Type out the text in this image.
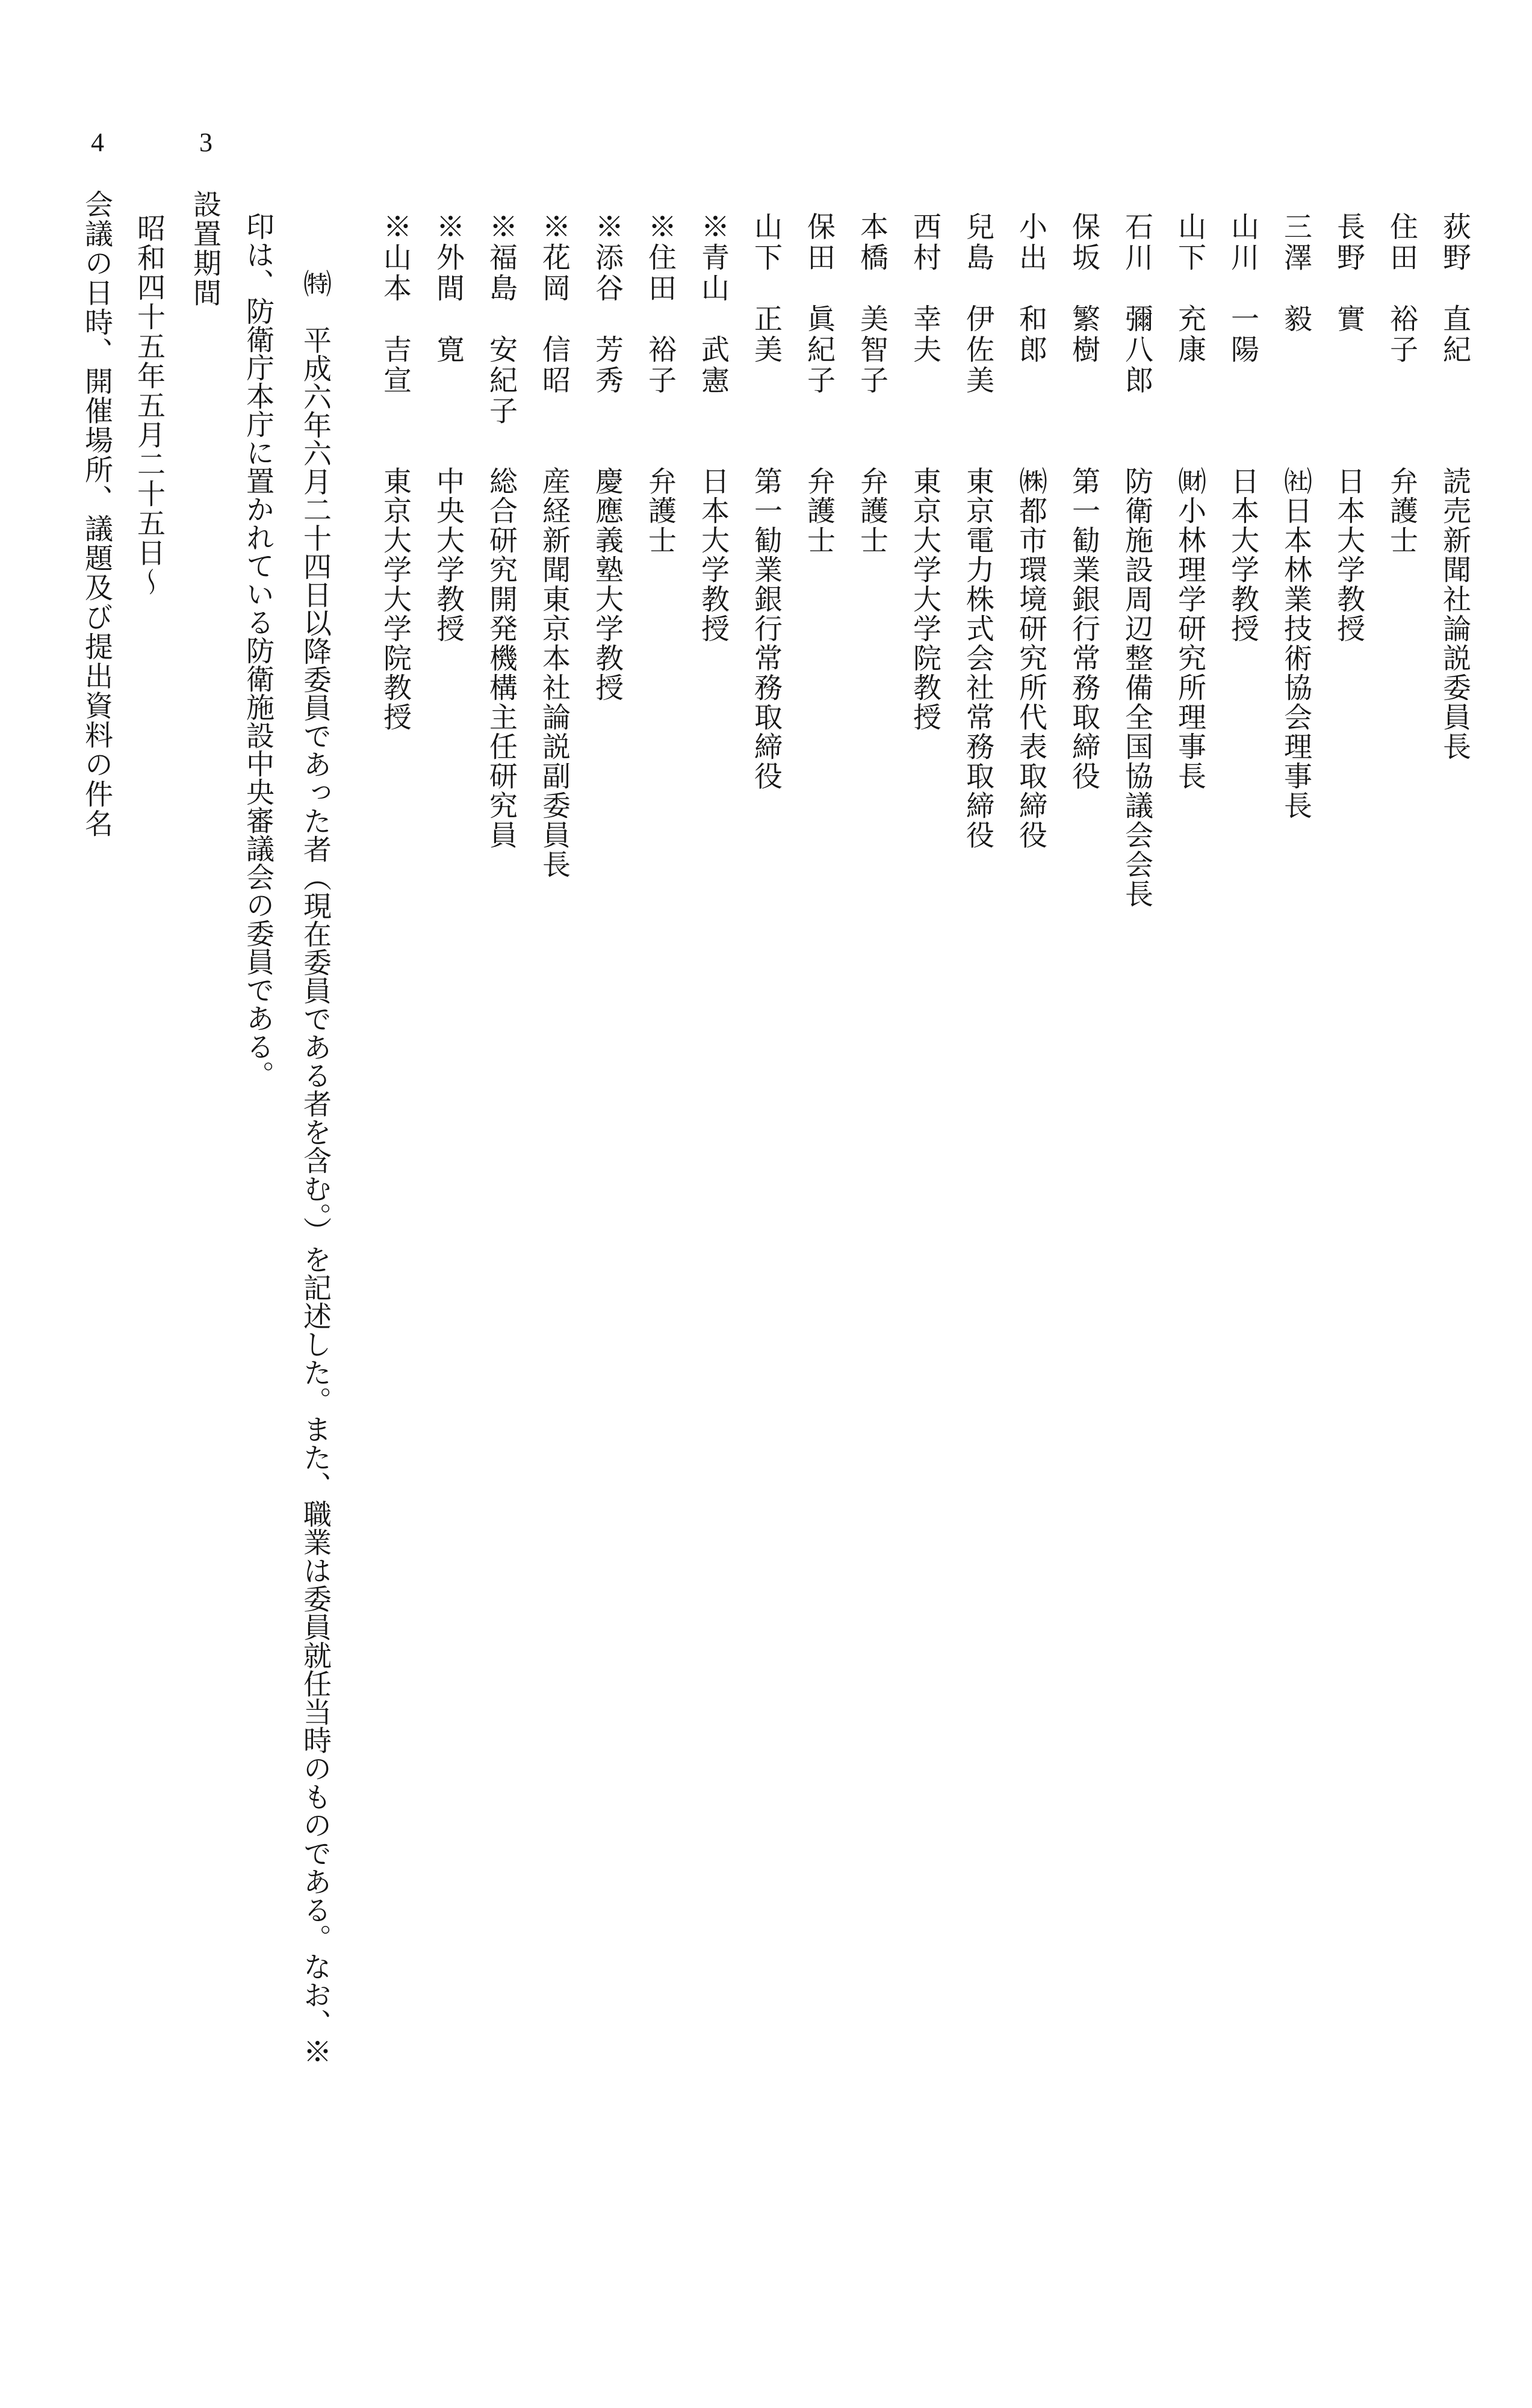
荻野　直紀
読売新聞社論説委員長
住田　裕子
弁護士
長野　實
日本大学教授
三澤　毅
㈳日本林業技術協会理事長
山川　一陽
日本大学教授
山下　充康
㈶小林理学研究所理事長
石川　彌八郎
防衛施設周辺整備全国協議会会長
保坂　繁樹
第一勧業銀行常務取締役
小出　和郎
㈱都市環境研究所代表取締役
兒島　伊佐美
東京電力株式会社常務取締役
西村　幸夫
東京大学大学院教授
本橋　美智子
弁護士
保田　眞紀子
弁護士
山下　正美
第一勧業銀行常務取締役
※青山　武憲
日本大学教授
※住田　裕子
弁護士
※添谷　芳秀
慶應義塾大学教授
※花岡　信昭
産経新聞東京本社論説副委員長
※福島　安紀子
総合研究開発機構主任研究員
※外間　寛
中央大学教授
※山本　吉宣
東京大学大学院教授
㈵　平成六年六月二十四日以降委員であった者（現在委員である者を含む。）を記述した。また、職業は委員就任当時のものである。なお、※
印は、防衛庁本庁に置かれている防衛施設中央審議会の委員である。
3
設置期間
昭和四十五年五月二十五日〜
4
会議の日時、開催場所、議題及び提出資料の件名
